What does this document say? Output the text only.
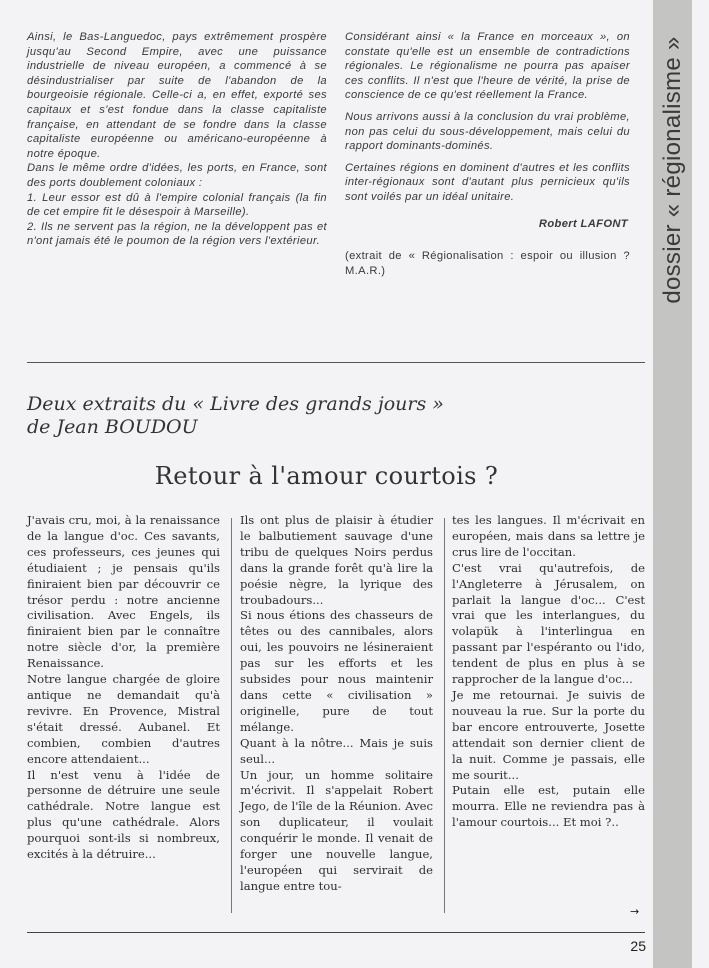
dossier « régionalisme »

Ainsi, le Bas-Languedoc, pays extrêmement prospère jusqu'au Second Empire, avec une puissance industrielle de niveau européen, a commencé à se désindustrialiser par suite de l'abandon de la bourgeoisie régionale. Celle-ci a, en effet, exporté ses capitaux et s'est fondue dans la classe capitaliste française, en attendant de se fondre dans la classe capitaliste européenne ou américano-européenne à notre époque.

Dans le même ordre d'idées, les ports, en France, sont des ports doublement coloniaux :

1. Leur essor est dû à l'empire colonial français (la fin de cet empire fit le désespoir à Marseille).

2. Ils ne servent pas la région, ne la développent pas et n'ont jamais été le poumon de la région vers l'extérieur.

Considérant ainsi « la France en morceaux », on constate qu'elle est un ensemble de contradictions régionales. Le régionalisme ne pourra pas apaiser ces conflits. Il n'est que l'heure de vérité, la prise de conscience de ce qu'est réellement la France.

Nous arrivons aussi à la conclusion du vrai problème, non pas celui du sous-développement, mais celui du rapport dominants-dominés.

Certaines régions en dominent d'autres et les conflits inter-régionaux sont d'autant plus pernicieux qu'ils sont voilés par un idéal unitaire.

Robert LAFONT

(extrait de « Régionalisation : espoir ou illusion ? M.A.R.)

Deux extraits du « Livre des grands jours »
de Jean BOUDOU
Retour à l'amour courtois ?

J'avais cru, moi, à la renaissance de la langue d'oc. Ces savants, ces professeurs, ces jeunes qui étudiaient ; je pensais qu'ils finiraient bien par découvrir ce trésor perdu : notre ancienne civilisation. Avec Engels, ils finiraient bien par le connaître notre siècle d'or, la première Renaissance.

Notre langue chargée de gloire antique ne demandait qu'à revivre. En Provence, Mistral s'était dressé. Aubanel. Et combien, combien d'autres encore attendaient...

Il n'est venu à l'idée de personne de détruire une seule cathédrale. Notre langue est plus qu'une cathédrale. Alors pourquoi sont-ils si nombreux, excités à la détruire...

Ils ont plus de plaisir à étudier le balbutiement sauvage d'une tribu de quelques Noirs perdus dans la grande forêt qu'à lire la poésie nègre, la lyrique des troubadours...

Si nous étions des chasseurs de têtes ou des cannibales, alors oui, les pouvoirs ne lésineraient pas sur les efforts et les subsides pour nous maintenir dans cette « civilisation » originelle, pure de tout mélange.

Quant à la nôtre... Mais je suis seul...

Un jour, un homme solitaire m'écrivit. Il s'appelait Robert Jego, de l'île de la Réunion. Avec son duplicateur, il voulait conquérir le monde. Il venait de forger une nouvelle langue, l'européen qui servirait de langue entre tou-

tes les langues. Il m'écrivait en européen, mais dans sa lettre je crus lire de l'occitan.

C'est vrai qu'autrefois, de l'Angleterre à Jérusalem, on parlait la langue d'oc... C'est vrai que les interlangues, du volapük à l'interlingua en passant par l'espéranto ou l'ido, tendent de plus en plus à se rapprocher de la langue d'oc...

Je me retournai. Je suivis de nouveau la rue. Sur la porte du bar encore entrouverte, Josette attendait son dernier client de la nuit. Comme je passais, elle me sourit...

Putain elle est, putain elle mourra. Elle ne reviendra pas à l'amour courtois... Et moi ?..

→
25
